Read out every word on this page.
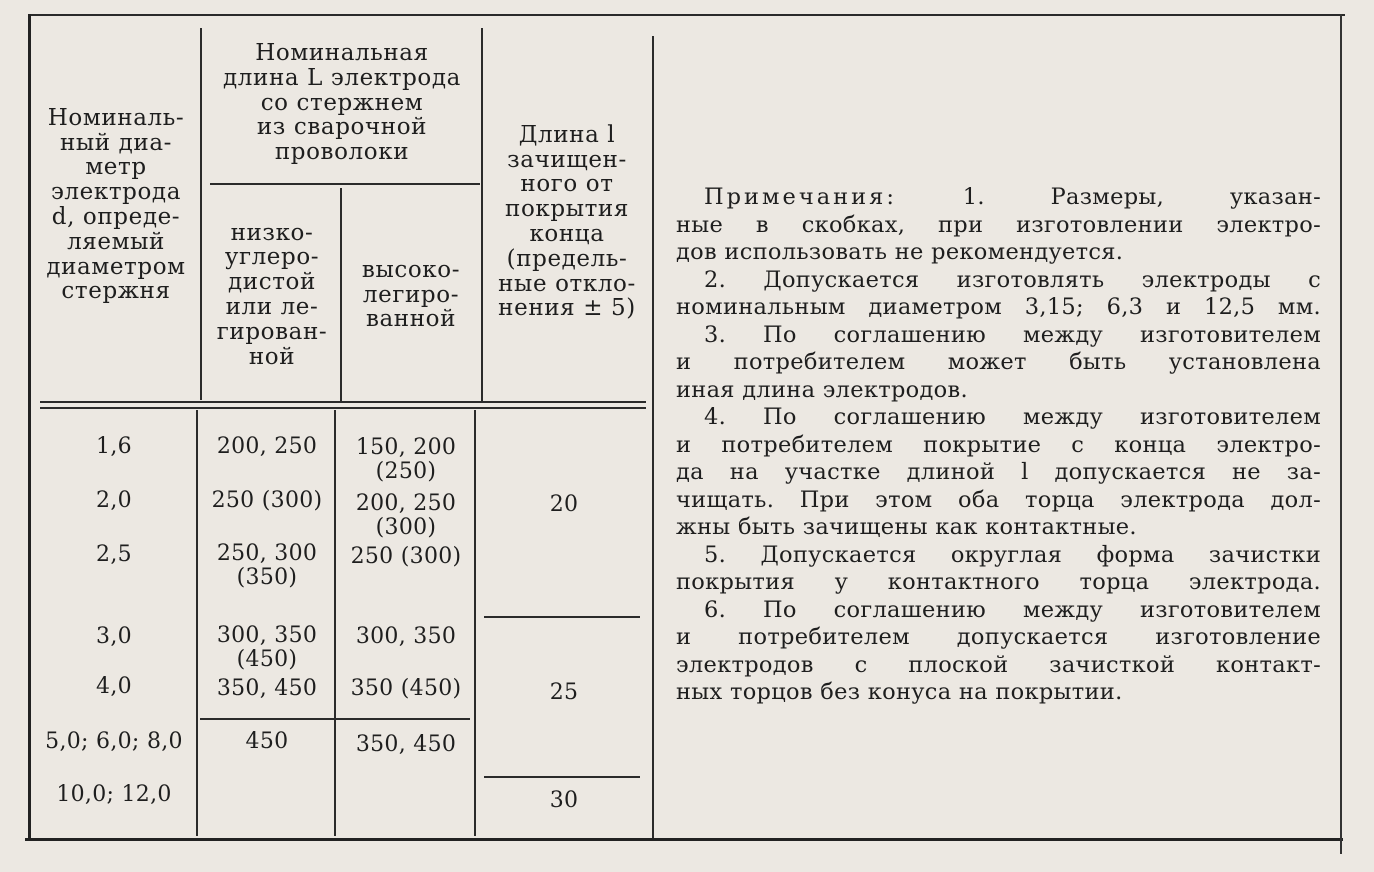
Номиналь-
ный диа-
метр
электрода
d, опреде-
ляемый
диаметром
стержня
Номинальная
длина L электрода
со стержнем
из сварочной
проволоки
низко-
углеро-
дистой
или ле-
гирован-
ной
высоко-
легиро-
ванной
Длина l
зачищен-
ного от
покрытия
конца
(предель-
ные откло-
нения ± 5)
1,6
2,0
2,5
3,0
4,0
5,0; 6,0; 8,0
10,0; 12,0
200, 250
250 (300)
250, 300
(350)
300, 350
(450)
350, 450
450
150, 200
(250)
200, 250
(300)
250 (300)
300, 350
350 (450)
350, 450
20
25
30

Примечания: 1. Размеры, указан-

ные в скобках, при изготовлении электро-

дов использовать не рекомендуется.

2. Допускается изготовлять электроды с

номинальным диаметром 3,15; 6,3 и 12,5 мм.

3. По соглашению между изготовителем

и потребителем может быть установлена

иная длина электродов.

4. По соглашению между изготовителем

и потребителем покрытие с конца электро-

да на участке длиной l допускается не за-

чищать. При этом оба торца электрода дол-

жны быть зачищены как контактные.

5. Допускается округлая форма зачистки

покрытия у контактного торца электрода.

6. По соглашению между изготовителем

и потребителем допускается изготовление

электродов с плоской зачисткой контакт-

ных торцов без конуса на покрытии.
